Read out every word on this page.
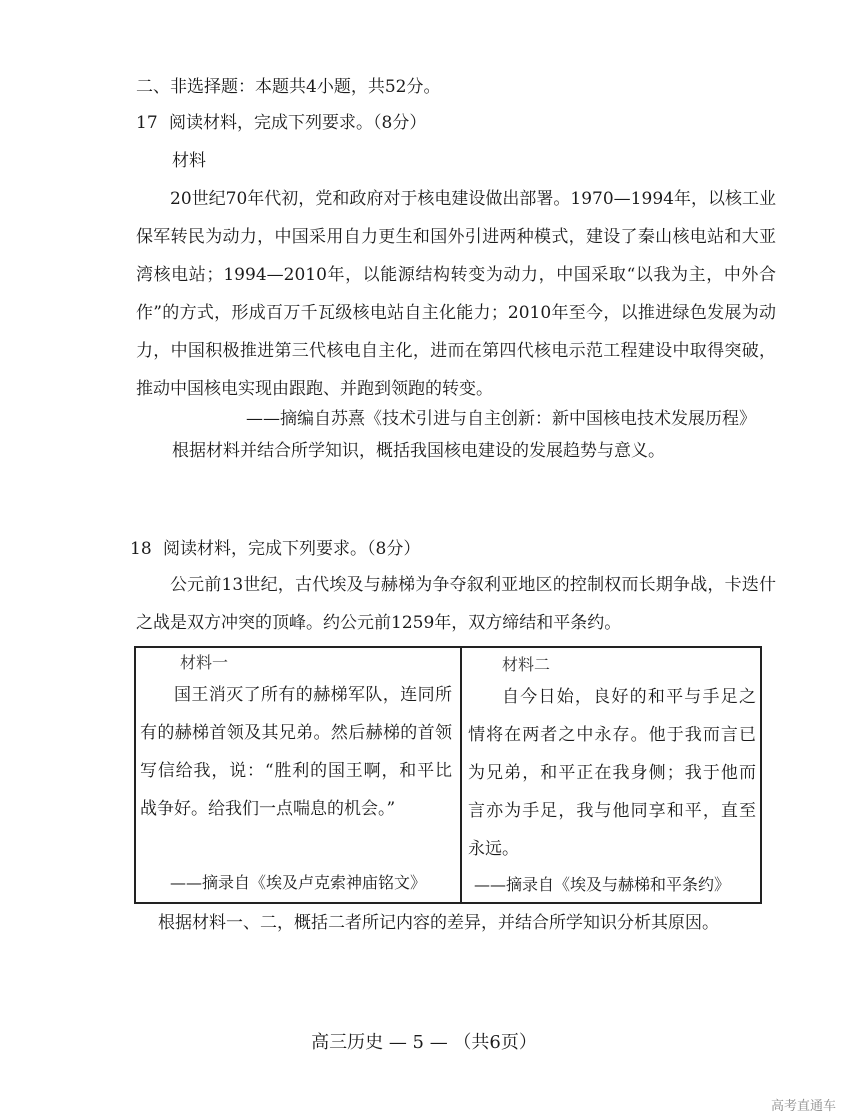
二、非选择题：本题共4小题，共52分。
17 阅读材料，完成下列要求。（8分）
材料
20世纪70年代初，党和政府对于核电建设做出部署。1970—1994年，以核工业保军转民为动力，中国采用自力更生和国外引进两种模式，建设了秦山核电站和大亚湾核电站；1994—2010年，以能源结构转变为动力，中国采取“以我为主，中外合作”的方式，形成百万千瓦级核电站自主化能力；2010年至今，以推进绿色发展为动力，中国积极推进第三代核电自主化，进而在第四代核电示范工程建设中取得突破，推动中国核电实现由跟跑、并跑到领跑的转变。
——摘编自苏熹《技术引进与自主创新：新中国核电技术发展历程》
根据材料并结合所学知识，概括我国核电建设的发展趋势与意义。
18 阅读材料，完成下列要求。（8分）
公元前13世纪，古代埃及与赫梯为争夺叙利亚地区的控制权而长期争战，卡迭什之战是双方冲突的顶峰。约公元前1259年，双方缔结和平条约。
材料一
国王消灭了所有的赫梯军队，连同所有的赫梯首领及其兄弟。然后赫梯的首领写信给我，说：“胜利的国王啊，和平比战争好。给我们一点喘息的机会。”
——摘录自《埃及卢克索神庙铭文》
材料二
自今日始，良好的和平与手足之情将在两者之中永存。他于我而言已为兄弟，和平正在我身侧；我于他而言亦为手足，我与他同享和平，直至永远。
——摘录自《埃及与赫梯和平条约》
根据材料一、二，概括二者所记内容的差异，并结合所学知识分析其原因。
高三历史 — 5 — （共6页）
高考直通车
